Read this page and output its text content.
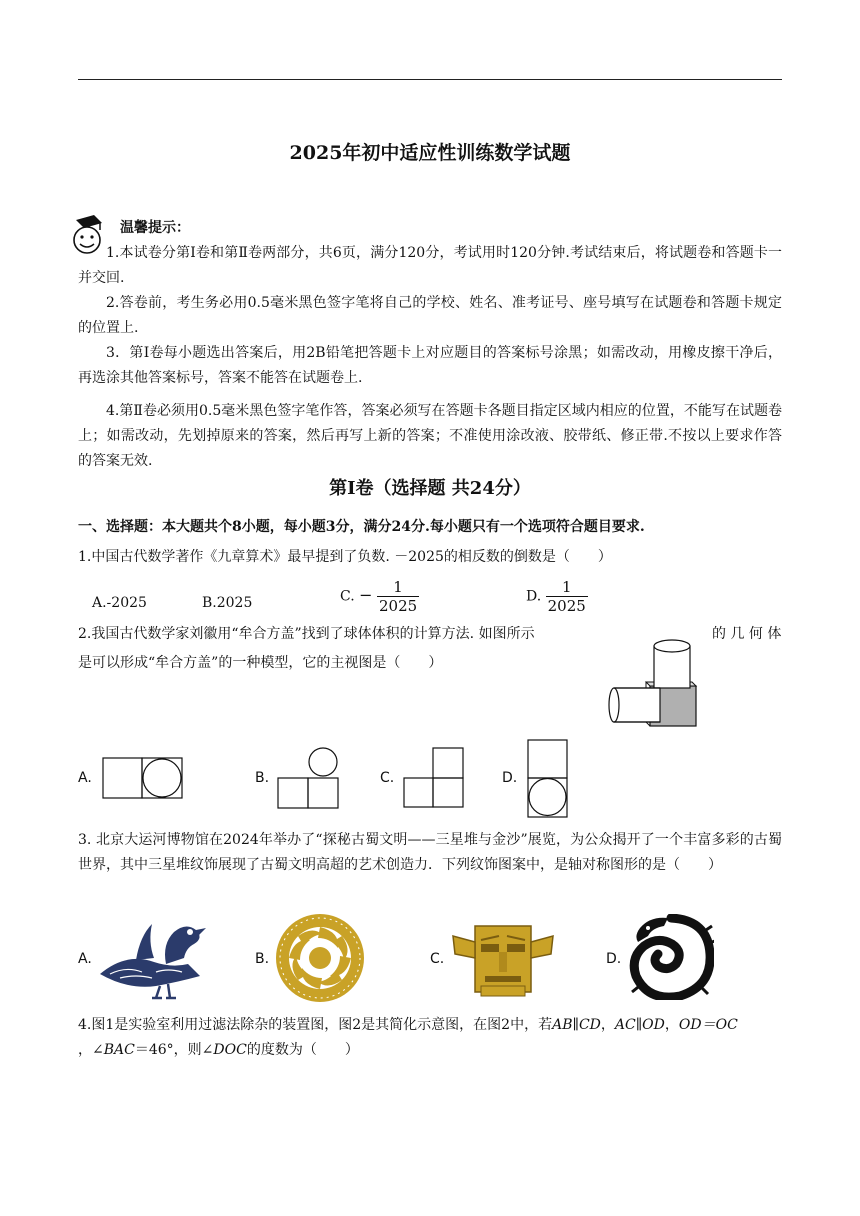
2025年初中适应性训练数学试题
温馨提示：
1.本试卷分第Ⅰ卷和第Ⅱ卷两部分，共6页，满分120分，考试用时120分钟.考试结束后，将试题卷和答题卡一并交回.
2.答卷前，考生务必用0.5毫米黑色签字笔将自己的学校、姓名、准考证号、座号填写在试题卷和答题卡规定的位置上.
3．第Ⅰ卷每小题选出答案后，用2B铅笔把答题卡上对应题目的答案标号涂黑；如需改动，用橡皮擦干净后，再选涂其他答案标号，答案不能答在试题卷上.
4.第Ⅱ卷必须用0.5毫米黑色签字笔作答，答案必须写在答题卡各题目指定区域内相应的位置，不能写在试题卷上；如需改动，先划掉原来的答案，然后再写上新的答案；不准使用涂改液、胶带纸、修正带.不按以上要求作答的答案无效.
第Ⅰ卷（选择题 共24分）
一、选择题：本大题共个8小题，每小题3分，满分24分.每小题只有一个选项符合题目要求.
1.中国古代数学著作《九章算术》最早提到了负数. －2025的相反数的倒数是（　　）
A.-2025	B.2025	C. − $\frac{1}{2025}$	D. $\frac{1}{2025}$
2.我国古代数学家刘徽用“牟合方盖”找到了球体体积的计算方法. 如图所示	的 几 何 体
是可以形成“牟合方盖”的一种模型，它的主视图是（　　）
A.	B.	C.	D.
3. 北京大运河博物馆在2024年举办了“探秘古蜀文明——三星堆与金沙”展览，为公众揭开了一个丰富多彩的古蜀世界，其中三星堆纹饰展现了古蜀文明高超的艺术创造力．下列纹饰图案中，是轴对称图形的是（　　）
A.	B.	C.	D.
4.图1是实验室利用过滤法除杂的装置图，图2是其简化示意图，在图2中，若AB∥CD，AC∥OD，OD＝OC
，∠BAC＝46°，则∠DOC的度数为（　　）
